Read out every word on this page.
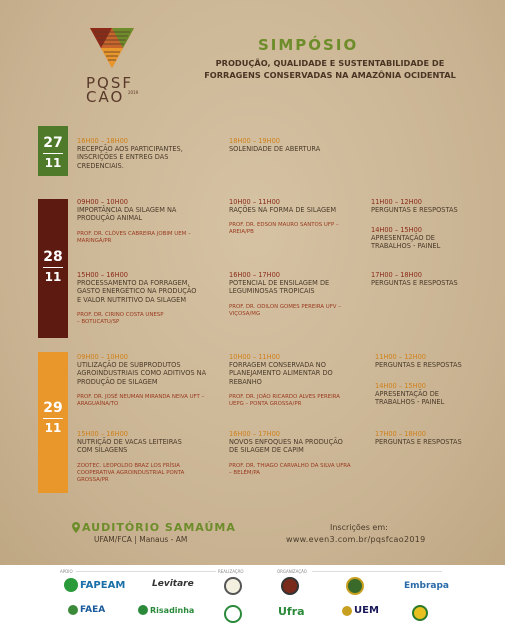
PQSF
CAO 2019
SIMPÓSIO
PRODUÇÃO, QUALIDADE E SUSTENTABILIDADE DE
FORRAGENS CONSERVADAS NA AMAZÔNIA OCIDENTAL
27
11
28
11
29
11
16H00 – 18H00
RECEPÇÃO AOS PARTICIPANTES, INSCRIÇÕES E ENTREG DAS CREDENCIAIS.
18H00 – 19H00
SOLENIDADE DE ABERTURA
09H00 – 10H00
IMPORTÂNCIA DA SILAGEM NA PRODUÇÃO ANIMAL
PROF. DR. CLÓVES CABREIRA JOBIM UEM – MARINGÁ/PR
10H00 – 11H00
RAÇÕES NA FORMA DE SILAGEM
PROF. DR. EDSON MAURO SANTOS UFP – AREIA/PB
11H00 – 12H00
PERGUNTAS E RESPOSTAS
14H00 – 15H00
APRESENTAÇÃO DE TRABALHOS - PAINEL
15H00 – 16H00
PROCESSAMENTO DA FORRAGEM, GASTO ENERGÉTICO NA PRODUÇÃO E VALOR NUTRITIVO DA SILAGEM
PROF. DR. CIRINO COSTA UNESP – BOTUCATU/SP
16H00 – 17H00
POTENCIAL DE ENSILAGEM DE LEGUMINOSAS TROPICAIS
PROF. DR. ODILON GOMES PEREIRA UFV – VIÇOSA/MG
17H00 – 18H00
PERGUNTAS E RESPOSTAS
09H00 – 10H00
UTILIZAÇÃO DE SUBPRODUTOS AGROINDUSTRIAIS COMO ADITIVOS NA PRODUÇÃO DE SILAGEM
PROF. DR. JOSÉ NEUMAN MIRANDA NEIVA UFT – ARAGUAÍNA/TO
10H00 – 11H00
FORRAGEM CONSERVADA NO PLANEJAMENTO ALIMENTAR DO REBANHO
PROF. DR. JOÃO RICARDO ALVES PEREIRA UEPG – PONTA GROSSA/PR
11H00 – 12H00
PERGUNTAS E RESPOSTAS
14H00 – 15H00
APRESENTAÇÃO DE TRABALHOS - PAINEL
15H00 – 16H00
NUTRIÇÃO DE VACAS LEITEIRAS COM SILAGENS
ZOOTEC. LEOPOLDO BRAZ LOS FRÍSIA COOPERATIVA AGROINDUSTRIAL PONTA GROSSA/PR
16H00 – 17H00
NOVOS ENFOQUES NA PRODUÇÃO DE SILAGEM DE CAPIM
PROF. DR. THIAGO CARVALHO DA SILVA UFRA – BELÉM/PA
17H00 – 18H00
PERGUNTAS E RESPOSTAS
AUDITÓRIO SAMAÚMA
UFAM/FCA | Manaus - AM
Inscrições em:
www.even3.com.br/pqsfcao2019
APOIO	REALIZAÇÃO	ORGANIZAÇÃO
FAPEAM	Levitare
FAEA	Risadinha
Embrapa
Ufra	UEM
